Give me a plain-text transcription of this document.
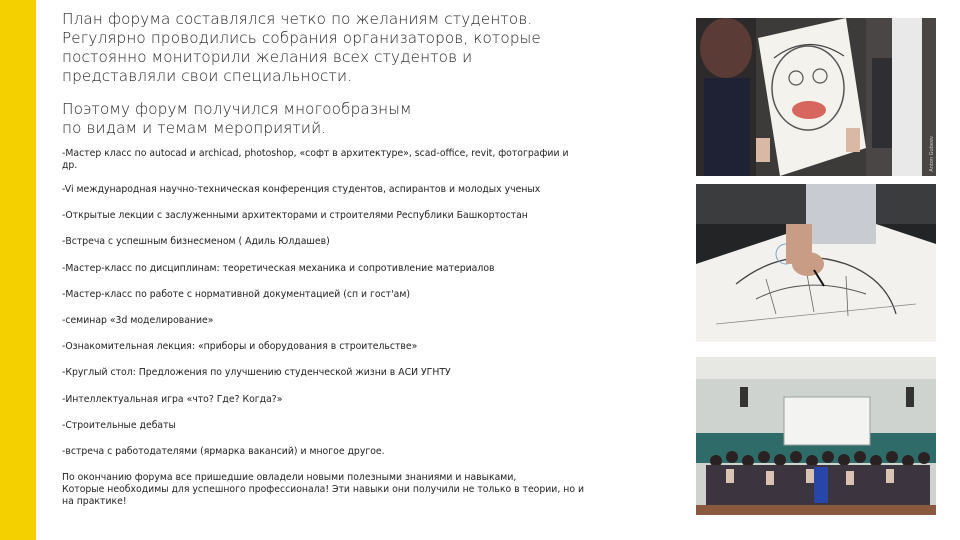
План форума составлялся четко по желаниям студентов.
Регулярно проводились собрания организаторов, которые
постоянно мониторили желания всех студентов и
представляли свои специальности.

Поэтому форум получился многообразным
по видам и темам мероприятий.

-Мастер класс по autocad и archicad, photoshop, «софт в архитектуре», scad-office, revit, фотографии и
др.
-Vi международная научно-техническая конференция студентов, аспирантов и молодых ученых
-Открытые лекции с заслуженными архитекторами и строителями Республики Башкортостан
-Встреча с успешным бизнесменом ( Адиль Юлдашев)
-Мастер-класс по дисциплинам: теоретическая механика и сопротивление материалов
-Мастер-класс по работе с нормативной документацией (сп и гост'ам)
-семинар «3d моделирование»
-Ознакомительная лекция: «приборы и оборудования в строительстве»
-Круглый стол: Предложения по улучшению студенческой жизни в АСИ УГНТУ
-Интеллектуальная игра «что? Где? Когда?»
-Строительные дебаты
-встреча с работодателями (ярмарка вакансий) и многое другое.

По окончанию форума все пришедшие овладели новыми полезными знаниями и навыками,
Которые необходимы для успешного профессионала! Эти навыки они получили не только в теории, но и
на практике!

Anton Gubeev
